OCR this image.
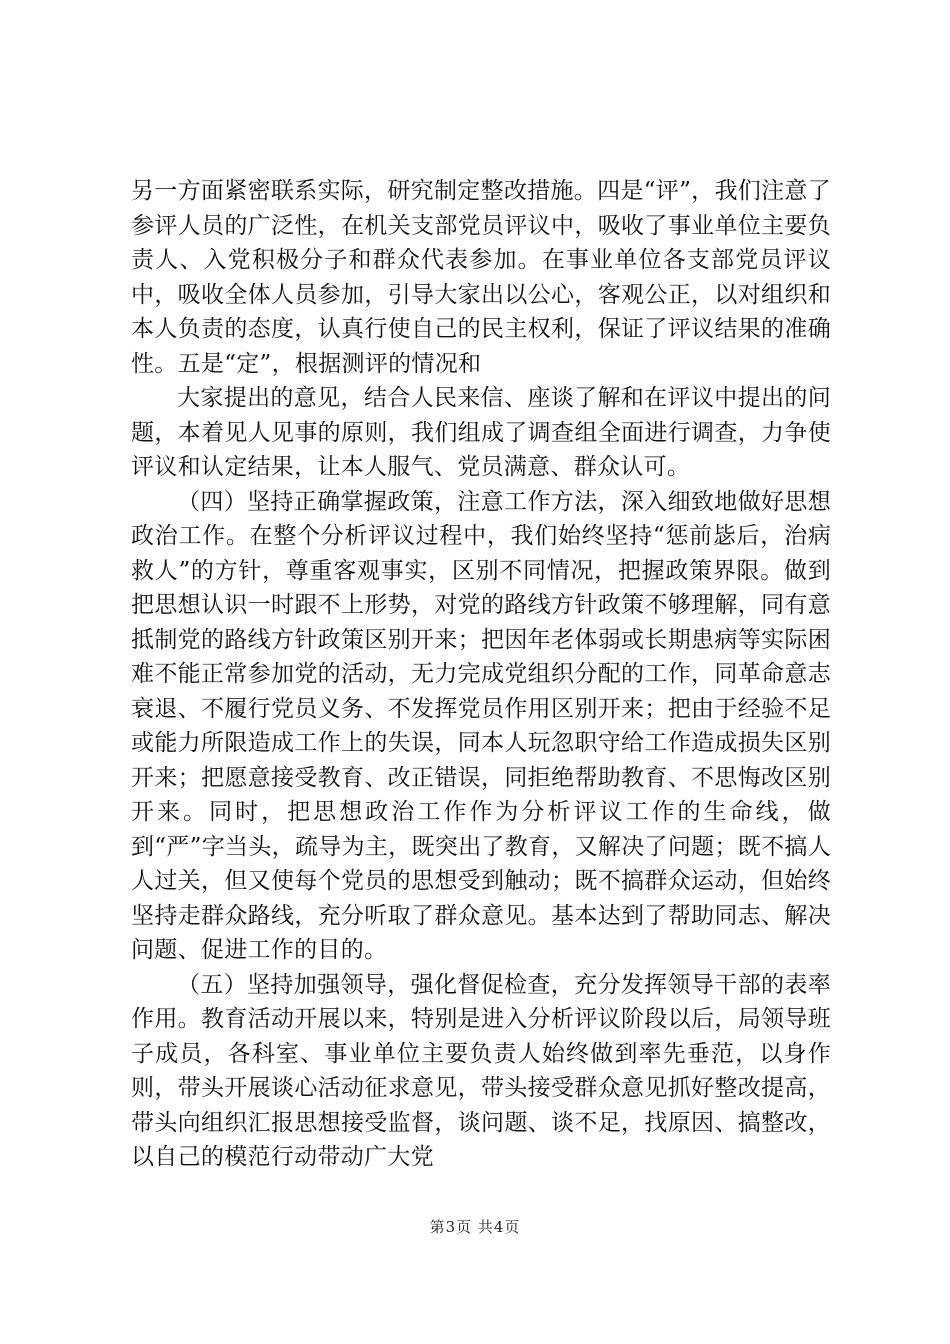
另一方面紧密联系实际，研究制定整改措施。四是“评”，我们注意了参评人员的广泛性，在机关支部党员评议中，吸收了事业单位主要负责人、入党积极分子和群众代表参加。在事业单位各支部党员评议中，吸收全体人员参加，引导大家出以公心，客观公正，以对组织和本人负责的态度，认真行使自己的民主权利，保证了评议结果的准确性。五是“定”，根据测评的情况和

大家提出的意见，结合人民来信、座谈了解和在评议中提出的问题，本着见人见事的原则，我们组成了调查组全面进行调查，力争使评议和认定结果，让本人服气、党员满意、群众认可。

（四）坚持正确掌握政策，注意工作方法，深入细致地做好思想政治工作。在整个分析评议过程中，我们始终坚持“惩前毖后，治病救人”的方针，尊重客观事实，区别不同情况，把握政策界限。做到把思想认识一时跟不上形势，对党的路线方针政策不够理解，同有意抵制党的路线方针政策区别开来；把因年老体弱或长期患病等实际困难不能正常参加党的活动，无力完成党组织分配的工作，同革命意志衰退、不履行党员义务、不发挥党员作用区别开来；把由于经验不足或能力所限造成工作上的失误，同本人玩忽职守给工作造成损失区别开来；把愿意接受教育、改正错误，同拒绝帮助教育、不思悔改区别开来。同时，把思想政治工作作为分析评议工作的生命线，做到“严”字当头，疏导为主，既突出了教育，又解决了问题；既不搞人人过关，但又使每个党员的思想受到触动；既不搞群众运动，但始终坚持走群众路线，充分听取了群众意见。基本达到了帮助同志、解决问题、促进工作的目的。

（五）坚持加强领导，强化督促检查，充分发挥领导干部的表率作用。教育活动开展以来，特别是进入分析评议阶段以后，局领导班子成员，各科室、事业单位主要负责人始终做到率先垂范，以身作则，带头开展谈心活动征求意见，带头接受群众意见抓好整改提高，带头向组织汇报思想接受监督，谈问题、谈不足，找原因、搞整改，以自己的模范行动带动广大党

第3页 共4页
